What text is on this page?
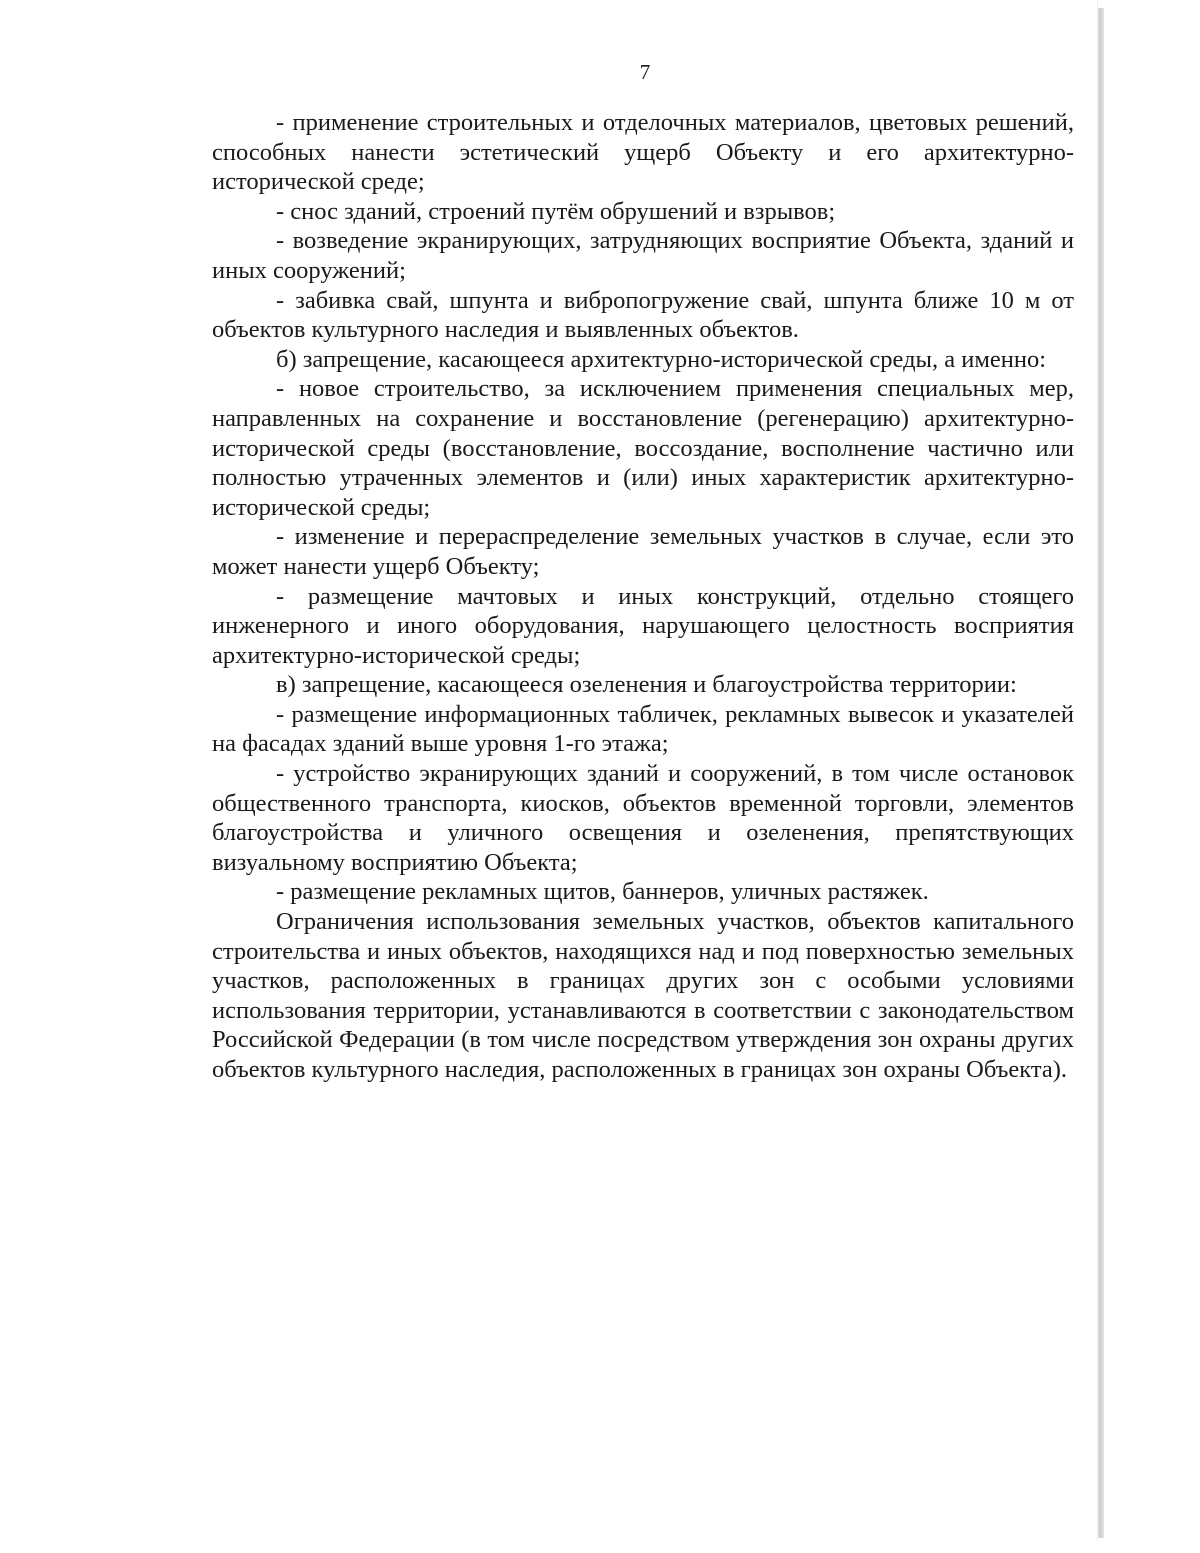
7

- применение строительных и отделочных материалов, цветовых решений, способных нанести эстетический ущерб Объекту и его архитектурно-исторической среде;

- снос зданий, строений путём обрушений и взрывов;

- возведение экранирующих, затрудняющих восприятие Объекта, зданий и иных сооружений;

- забивка свай, шпунта и вибропогружение свай, шпунта ближе 10 м от объектов культурного наследия и выявленных объектов.

б) запрещение, касающееся архитектурно-исторической среды, а именно:

- новое строительство, за исключением применения специальных мер, направленных на сохранение и восстановление (регенерацию) архитектурно-исторической среды (восстановление, воссоздание, восполнение частично или полностью утраченных элементов и (или) иных характеристик архитектурно-исторической среды;

- изменение и перераспределение земельных участков в случае, если это может нанести ущерб Объекту;

- размещение мачтовых и иных конструкций, отдельно стоящего инженерного и иного оборудования, нарушающего целостность восприятия архитектурно-исторической среды;

в) запрещение, касающееся озеленения и благоустройства территории:

- размещение информационных табличек, рекламных вывесок и указателей на фасадах зданий выше уровня 1-го этажа;

- устройство экранирующих зданий и сооружений, в том числе остановок общественного транспорта, киосков, объектов временной торговли, элементов благоустройства и уличного освещения и озеленения, препятствующих визуальному восприятию Объекта;

- размещение рекламных щитов, баннеров, уличных растяжек.

Ограничения использования земельных участков, объектов капитального строительства и иных объектов, находящихся над и под поверхностью земельных участков, расположенных в границах других зон с особыми условиями использования территории, устанавливаются в соответствии с законодательством Российской Федерации (в том числе посредством утверждения зон охраны других объектов культурного наследия, расположенных в границах зон охраны Объекта).
